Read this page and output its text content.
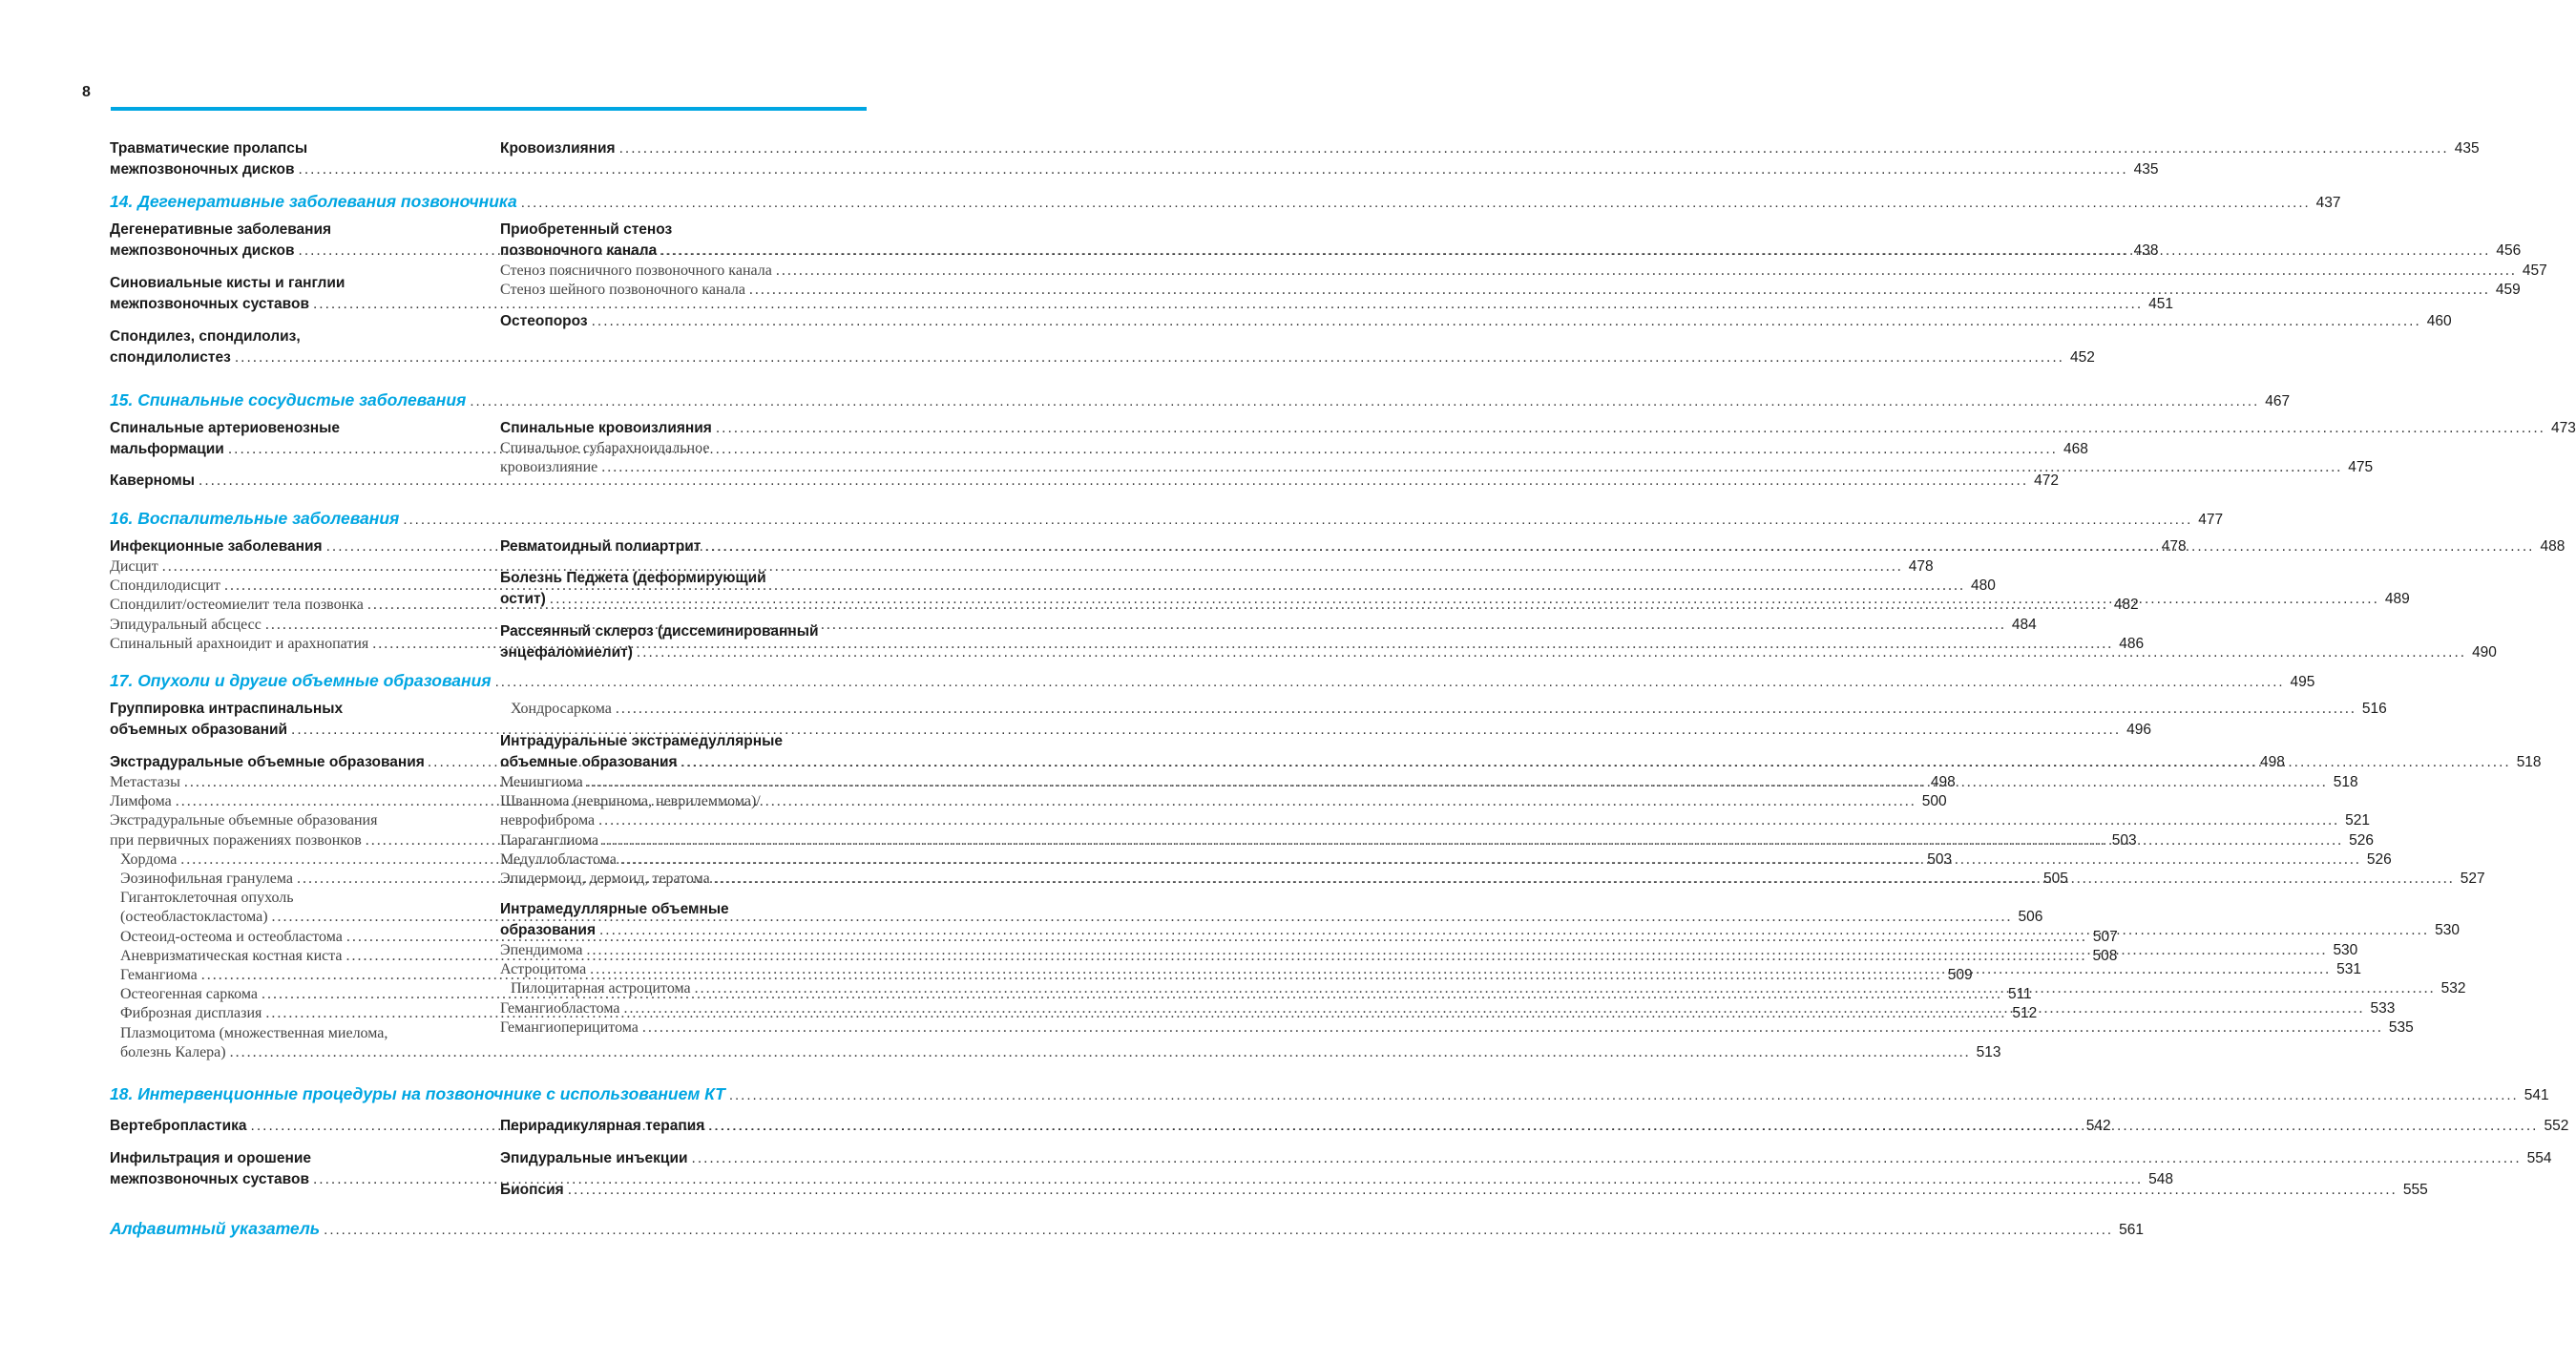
8
Травматические пролапсы
межпозвоночных дисков .....	435
Кровоизлияния .....	435
14. Дегенеративные заболевания позвоночника .....	437
Дегенеративные заболевания
межпозвоночных дисков .....	438
Синовиальные кисты и ганглии
межпозвоночных суставов .....	451
Спондилез, спондилолиз,
спондилолистез .....	452
Приобретенный стеноз
позвоночного канала .....	456
Стеноз поясничного позвоночного канала .....	457
Стеноз шейного позвоночного канала .....	459
Остеопороз .....	460
15. Спинальные сосудистые заболевания .....	467
Спинальные артериовенозные
мальформации .....	468
Каверномы .....	472
Спинальные кровоизлияния .....	473
Спинальное субарахноидальное
кровоизлияние .....	475
16. Воспалительные заболевания .....	477
Инфекционные заболевания .....	478
Дисцит .....	478
Спондилодисцит .....	480
Спондилит/остеомиелит тела позвонка .....	482
Эпидуральный абсцесс .....	484
Спинальный арахноидит и арахнопатия .....	486
Ревматоидный полиартрит .....	488
Болезнь Педжета (деформирующий
остит) .....	489
Рассеянный склероз (диссеминированный
энцефаломиелит) .....	490
17. Опухоли и другие объемные образования .....	495
Группировка интраспинальных
объемных образований .....	496
Экстрадуральные объемные образования .....	498
Метастазы .....	498
Лимфома .....	500
Экстрадуральные объемные образования
при первичных поражениях позвонков .....	503
Хордома .....	503
Эозинофильная гранулема .....	505
Гигантоклеточная опухоль
(остеобластокластома) .....	506
Остеоид-остеома и остеобластома .....	507
Аневризматическая костная киста .....	508
Гемангиома .....	509
Остеогенная саркома .....	511
Фиброзная дисплазия .....	512
Плазмоцитома (множественная миелома,
болезнь Калера) .....	513
Хондросаркома .....	516
Интрадуральные экстрамедуллярные
объемные образования .....	518
Менингиома .....	518
Шваннома (невринома, неврилеммома)/
неврофиброма .....	521
Параганглиома .....	526
Медуллобластома .....	526
Эпидермоид, дермоид, тератома .....	527
Интрамедуллярные объемные
образования .....	530
Эпендимома .....	530
Астроцитома .....	531
Пилоцитарная астроцитома .....	532
Гемангиобластома .....	533
Гемангиоперицитома .....	535
18. Интервенционные процедуры на позвоночнике с использованием КТ .....	541
Вертебропластика .....	542
Инфильтрация и орошение
межпозвоночных суставов .....	548
Перирадикулярная терапия .....	552
Эпидуральные инъекции .....	554
Биопсия .....	555
Алфавитный указатель .....	561
